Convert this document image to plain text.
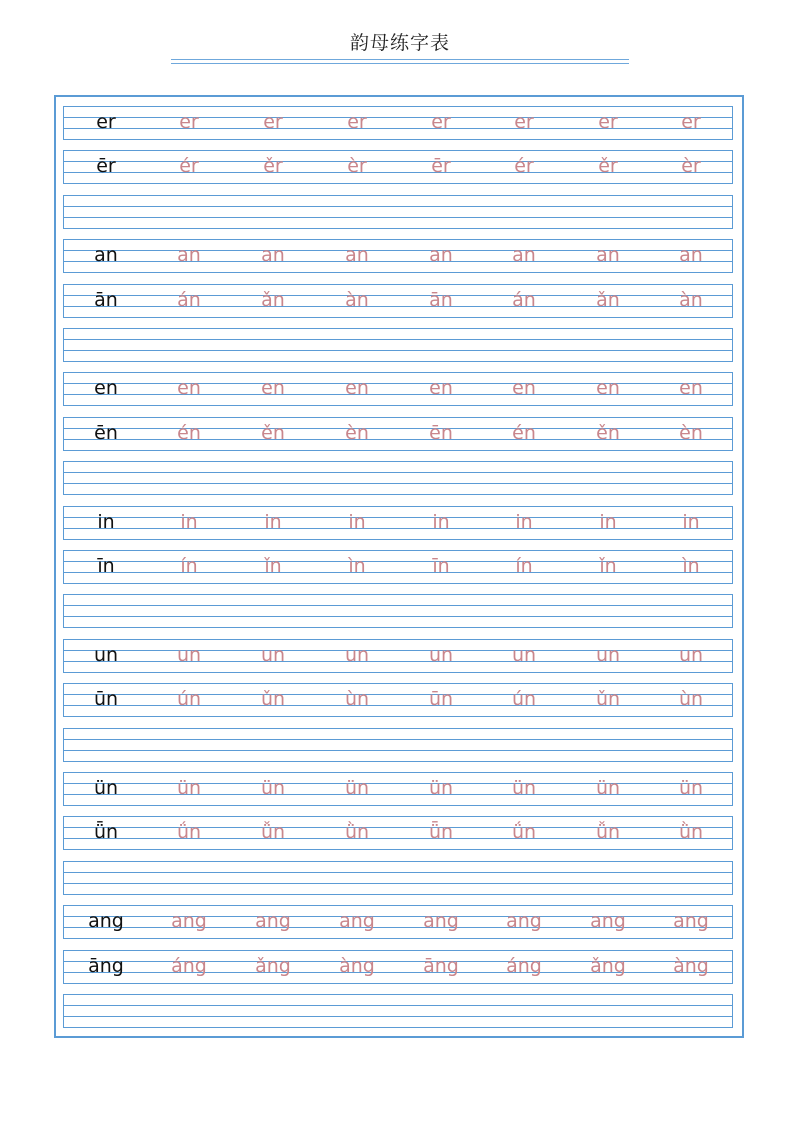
韵母练字表
er	er	er	er	er	er	er	er
ēr	ér	ěr	èr	ēr	ér	ěr	èr
an	an	an	an	an	an	an	an
ān	án	ǎn	àn	ān	án	ǎn	àn
en	en	en	en	en	en	en	en
ēn	én	ěn	èn	ēn	én	ěn	èn
in	in	in	in	in	in	in	in
īn	ín	ǐn	ìn	īn	ín	ǐn	ìn
un	un	un	un	un	un	un	un
ūn	ún	ǔn	ùn	ūn	ún	ǔn	ùn
ün	ün	ün	ün	ün	ün	ün	ün
ǖn	ǘn	ǚn	ǜn	ǖn	ǘn	ǚn	ǜn
ang	ang	ang	ang	ang	ang	ang	ang
āng	áng	ǎng	àng	āng	áng	ǎng	àng
